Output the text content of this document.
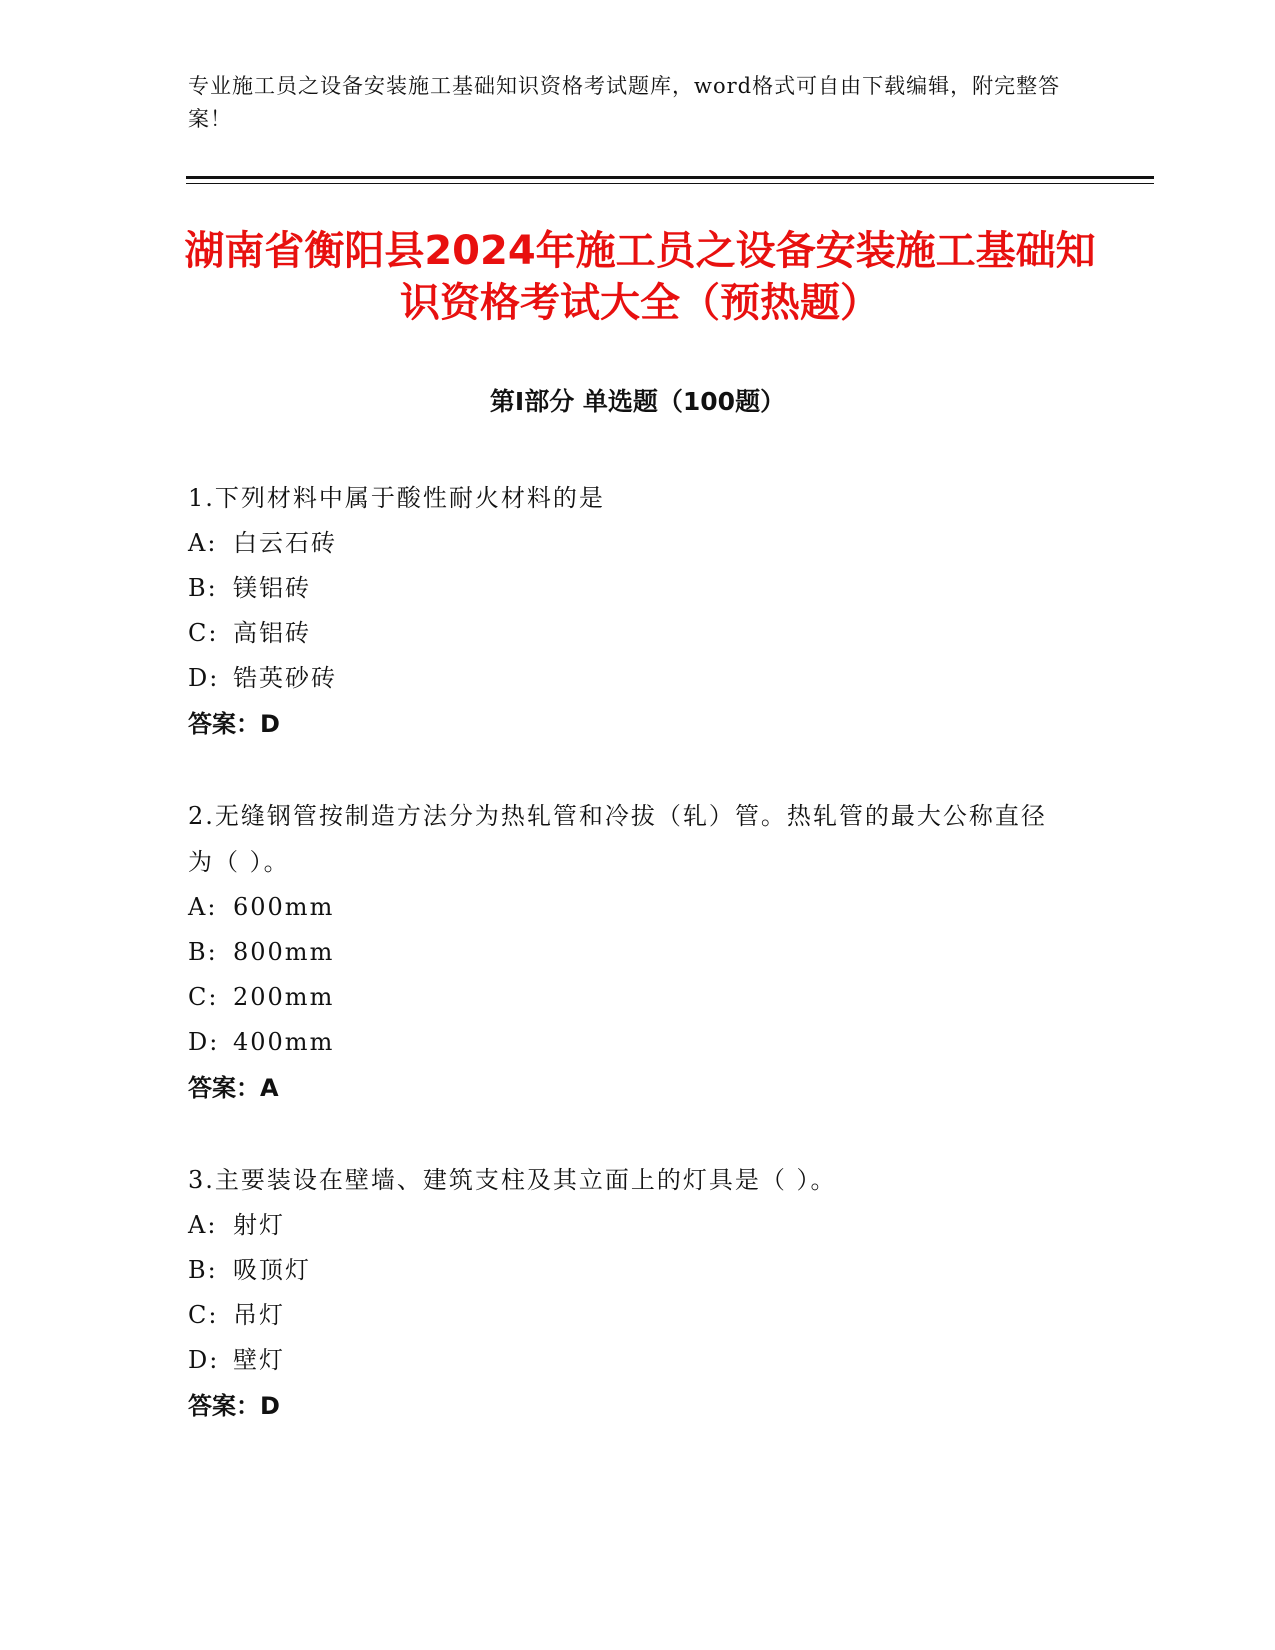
专业施工员之设备安装施工基础知识资格考试题库，word格式可自由下载编辑，附完整答案！
湖南省衡阳县2024年施工员之设备安装施工基础知识资格考试大全（预热题）
第I部分 单选题（100题）
1.下列材料中属于酸性耐火材料的是
A: 白云石砖
B: 镁铝砖
C: 高铝砖
D: 锆英砂砖
答案：D
2.无缝钢管按制造方法分为热轧管和冷拔（轧）管。热轧管的最大公称直径为（ ）。
A: 600mm
B: 800mm
C: 200mm
D: 400mm
答案：A
3.主要装设在壁墙、建筑支柱及其立面上的灯具是（ ）。
A: 射灯
B: 吸顶灯
C: 吊灯
D: 壁灯
答案：D
